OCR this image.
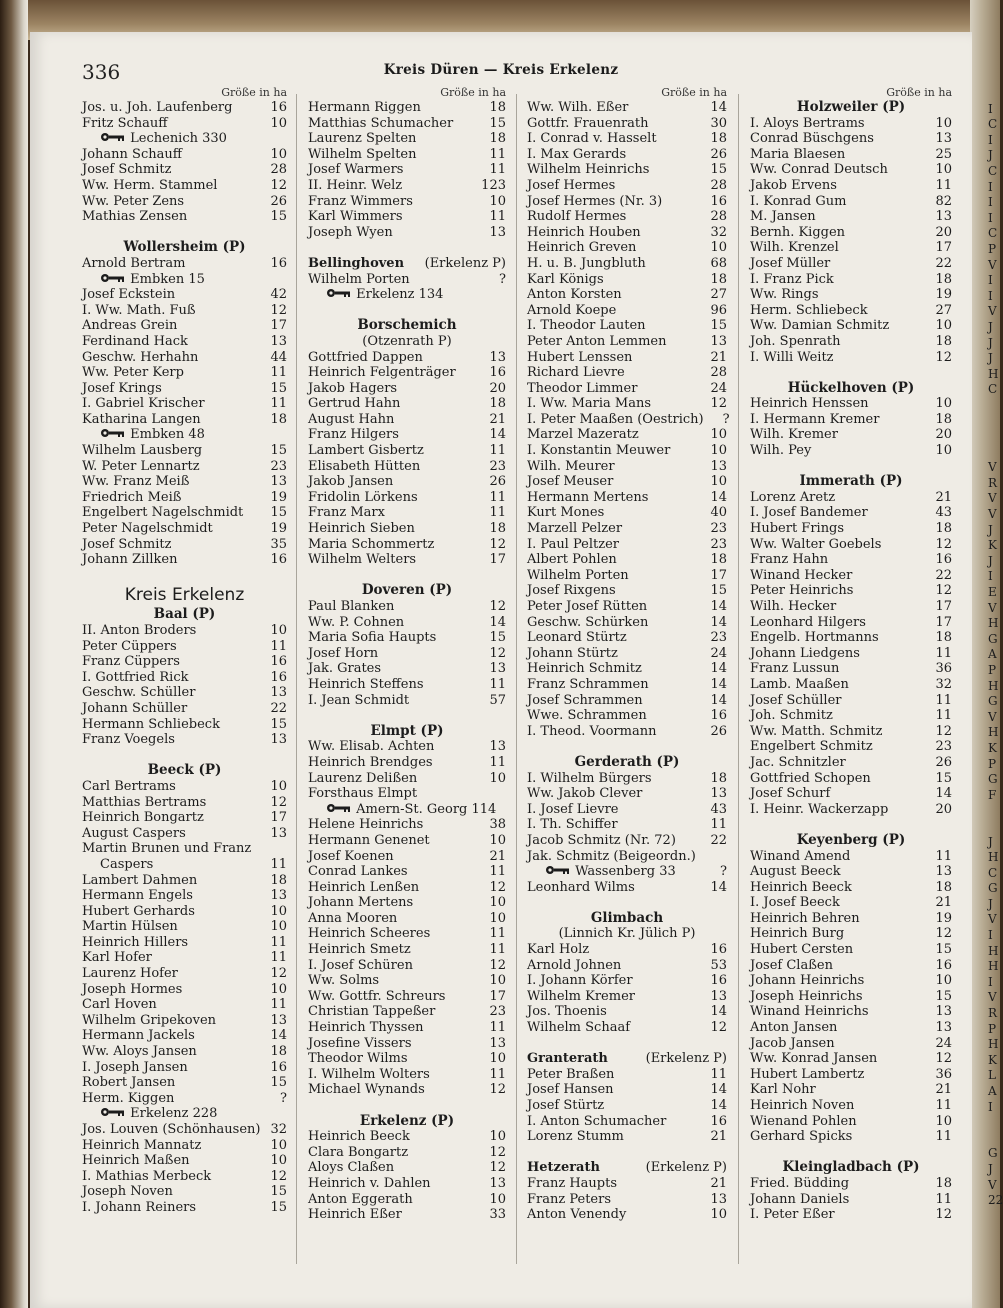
336	Kreis Düren — Kreis Erkelenz
Größe in ha
Jos. u. Joh. Laufenberg	16
Fritz Schauff	10
Lechenich 330
Johann Schauff	10
Josef Schmitz	28
Ww. Herm. Stammel	12
Ww. Peter Zens	26
Mathias Zensen	15
Wollersheim (P)
Arnold Bertram	16
Embken 15
Josef Eckstein	42
I. Ww. Math. Fuß	12
Andreas Grein	17
Ferdinand Hack	13
Geschw. Herhahn	44
Ww. Peter Kerp	11
Josef Krings	15
I. Gabriel Krischer	11
Katharina Langen	18
Embken 48
Wilhelm Lausberg	15
W. Peter Lennartz	23
Ww. Franz Meiß	13
Friedrich Meiß	19
Engelbert Nagelschmidt	15
Peter Nagelschmidt	19
Josef Schmitz	35
Johann Zillken	16
Kreis Erkelenz
Baal (P)
II. Anton Broders	10
Peter Cüppers	11
Franz Cüppers	16
I. Gottfried Rick	16
Geschw. Schüller	13
Johann Schüller	22
Hermann Schliebeck	15
Franz Voegels	13
Beeck (P)
Carl Bertrams	10
Matthias Bertrams	12
Heinrich Bongartz	17
August Caspers	13
Martin Brunen und Franz
Caspers	11
Lambert Dahmen	18
Hermann Engels	13
Hubert Gerhards	10
Martin Hülsen	10
Heinrich Hillers	11
Karl Hofer	11
Laurenz Hofer	12
Joseph Hormes	10
Carl Hoven	11
Wilhelm Gripekoven	13
Hermann Jackels	14
Ww. Aloys Jansen	18
I. Joseph Jansen	16
Robert Jansen	15
Herm. Kiggen	?
Erkelenz 228
Jos. Louven (Schönhausen) 32
Heinrich Mannatz	10
Heinrich Maßen	10
I. Mathias Merbeck	12
Joseph Noven	15
I. Johann Reiners	15
Größe in ha
Hermann Riggen	18
Matthias Schumacher	15
Laurenz Spelten	18
Wilhelm Spelten	11
Josef Warmers	11
II. Heinr. Welz	123
Franz Wimmers	10
Karl Wimmers	11
Joseph Wyen	13
Bellinghoven	(Erkelenz P)
Wilhelm Porten	?
Erkelenz 134
Borschemich
(Otzenrath P)
Gottfried Dappen	13
Heinrich Felgenträger	16
Jakob Hagers	20
Gertrud Hahn	18
August Hahn	21
Franz Hilgers	14
Lambert Gisbertz	11
Elisabeth Hütten	23
Jakob Jansen	26
Fridolin Lörkens	11
Franz Marx	11
Heinrich Sieben	18
Maria Schommertz	12
Wilhelm Welters	17
Doveren (P)
Paul Blanken	12
Ww. P. Cohnen	14
Maria Sofia Haupts	15
Josef Horn	12
Jak. Grates	13
Heinrich Steffens	11
I. Jean Schmidt	57
Elmpt (P)
Ww. Elisab. Achten	13
Heinrich Brendges	11
Laurenz Delißen	10
Forsthaus Elmpt
Amern-St. Georg 114
Helene Heinrichs	38
Hermann Genenet	10
Josef Koenen	21
Conrad Lankes	11
Heinrich Lenßen	12
Johann Mertens	10
Anna Mooren	10
Heinrich Scheeres	11
Heinrich Smetz	11
I. Josef Schüren	12
Ww. Solms	10
Ww. Gottfr. Schreurs	17
Christian Tappeßer	23
Heinrich Thyssen	11
Josefine Vissers	13
Theodor Wilms	10
I. Wilhelm Wolters	11
Michael Wynands	12
Erkelenz (P)
Heinrich Beeck	10
Clara Bongartz	12
Aloys Claßen	12
Heinrich v. Dahlen	13
Anton Eggerath	10
Heinrich Eßer	33
Größe in ha
Ww. Wilh. Eßer	14
Gottfr. Frauenrath	30
I. Conrad v. Hasselt	18
I. Max Gerards	26
Wilhelm Heinrichs	15
Josef Hermes	28
Josef Hermes (Nr. 3)	16
Rudolf Hermes	28
Heinrich Houben	32
Heinrich Greven	10
H. u. B. Jungbluth	68
Karl Königs	18
Anton Korsten	27
Arnold Koepe	96
I. Theodor Lauten	15
Peter Anton Lemmen	13
Hubert Lenssen	21
Richard Lievre	28
Theodor Limmer	24
I. Ww. Maria Mans	12
I. Peter Maaßen (Oestrich)	?
Marzel Mazeratz	10
I. Konstantin Meuwer	10
Wilh. Meurer	13
Josef Meuser	10
Hermann Mertens	14
Kurt Mones	40
Marzell Pelzer	23
I. Paul Peltzer	23
Albert Pohlen	18
Wilhelm Porten	17
Josef Rixgens	15
Peter Josef Rütten	14
Geschw. Schürken	14
Leonard Stürtz	23
Johann Stürtz	24
Heinrich Schmitz	14
Franz Schrammen	14
Josef Schrammen	14
Wwe. Schrammen	16
I. Theod. Voormann	26
Gerderath (P)
I. Wilhelm Bürgers	18
Ww. Jakob Clever	13
I. Josef Lievre	43
I. Th. Schiffer	11
Jacob Schmitz (Nr. 72)	22
Jak. Schmitz (Beigeordn.)
Wassenberg 33	?
Leonhard Wilms	14
Glimbach
(Linnich Kr. Jülich P)
Karl Holz	16
Arnold Johnen	53
I. Johann Körfer	16
Wilhelm Kremer	13
Jos. Thoenis	14
Wilhelm Schaaf	12
Granterath	(Erkelenz P)
Peter Braßen	11
Josef Hansen	14
Josef Stürtz	14
I. Anton Schumacher	16
Lorenz Stumm	21
Hetzerath	(Erkelenz P)
Franz Haupts	21
Franz Peters	13
Anton Venendy	10
Größe in ha
Holzweiler (P)
I. Aloys Bertrams	10
Conrad Büschgens	13
Maria Blaesen	25
Ww. Conrad Deutsch	10
Jakob Ervens	11
I. Konrad Gum	82
M. Jansen	13
Bernh. Kiggen	20
Wilh. Krenzel	17
Josef Müller	22
I. Franz Pick	18
Ww. Rings	19
Herm. Schliebeck	27
Ww. Damian Schmitz	10
Joh. Spenrath	18
I. Willi Weitz	12
Hückelhoven (P)
Heinrich Henssen	10
I. Hermann Kremer	18
Wilh. Kremer	20
Wilh. Pey	10
Immerath (P)
Lorenz Aretz	21
I. Josef Bandemer	43
Hubert Frings	18
Ww. Walter Goebels	12
Franz Hahn	16
Winand Hecker	22
Peter Heinrichs	12
Wilh. Hecker	17
Leonhard Hilgers	17
Engelb. Hortmanns	18
Johann Liedgens	11
Franz Lussun	36
Lamb. Maaßen	32
Josef Schüller	11
Joh. Schmitz	11
Ww. Matth. Schmitz	12
Engelbert Schmitz	23
Jac. Schnitzler	26
Gottfried Schopen	15
Josef Schurf	14
I. Heinr. Wackerzapp	20
Keyenberg (P)
Winand Amend	11
August Beeck	13
Heinrich Beeck	18
I. Josef Beeck	21
Heinrich Behren	19
Heinrich Burg	12
Hubert Cersten	15
Josef Claßen	16
Johann Heinrichs	10
Joseph Heinrichs	15
Winand Heinrichs	13
Anton Jansen	13
Jacob Jansen	24
Ww. Konrad Jansen	12
Hubert Lambertz	36
Karl Nohr	21
Heinrich Noven	11
Wienand Pohlen	10
Gerhard Spicks	11
Kleingladbach (P)
Fried. Büdding	18
Johann Daniels	11
I. Peter Eßer	12
I
C
I
J
C
I
I
I
C
P
V
I
I
V
J
J
J
H
C
V
R
V
V
J
K
J
I
E
V
H
G
A
P
H
G
V
H
K
P
G
F
J
H
C
G
J
V
I
H
H
I
V
R
P
H
K
L
A
I
G
J
V
22
